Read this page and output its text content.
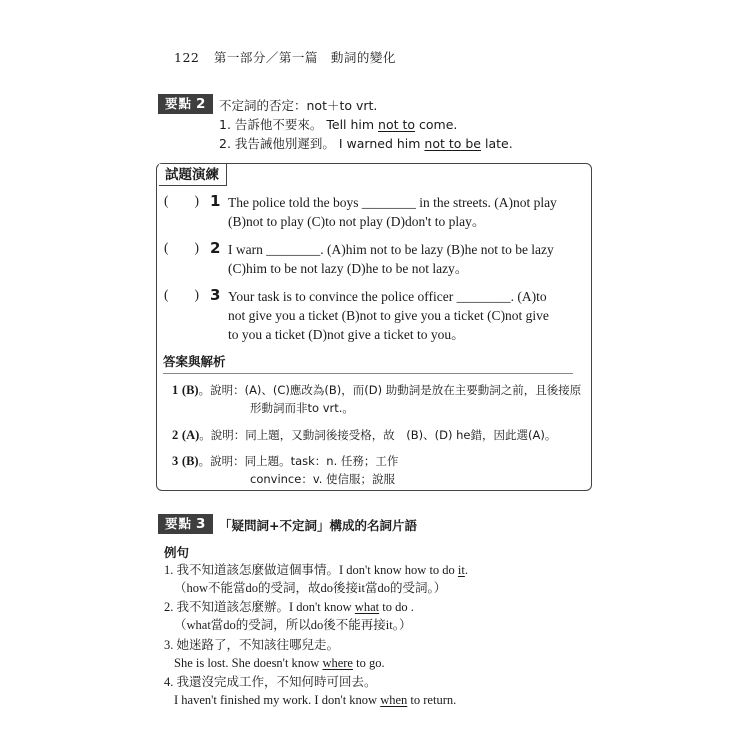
122 第一部分／第一篇　動詞的變化
要點 2	不定詞的否定：not＋to vrt.
1. 告訴他不要來。 Tell him not to come.
2. 我告誡他別遲到。 I warned him not to be late.
試題演練
( ) 1 The police told the boys ________ in the streets. (A)not play
(B)not to play (C)to not play (D)don't to play。
( ) 2 I warn ________. (A)him not to be lazy (B)he not to be lazy
(C)him to be not lazy (D)he to be not lazy。
( ) 3 Your task is to convince the police officer ________. (A)to
not give you a ticket (B)not to give you a ticket (C)not give
to you a ticket (D)not give a ticket to you。
答案與解析
1 (B)。說明：(A)、(C)應改為(B)，而(D) 助動詞是放在主要動詞之前，且後接原
形動詞而非to vrt.。
2 (A)。說明：同上題，又動詞後接受格，故　(B)、(D) he錯，因此選(A)。
3 (B)。說明：同上題。task：n. 任務；工作
convince：v. 使信服；說服
要點 3	「疑問詞+不定詞」構成的名詞片語
例句
1. 我不知道該怎麼做這個事情。I don't know how to do it.
（how不能當do的受詞，故do後接it當do的受詞。）
2. 我不知道該怎麼辦。I don't know what to do .
（what當do的受詞，所以do後不能再接it。）
3. 她迷路了，不知該往哪兒走。
She is lost. She doesn't know where to go.
4. 我還沒完成工作，不知何時可回去。
I haven't finished my work. I don't know when to return.
